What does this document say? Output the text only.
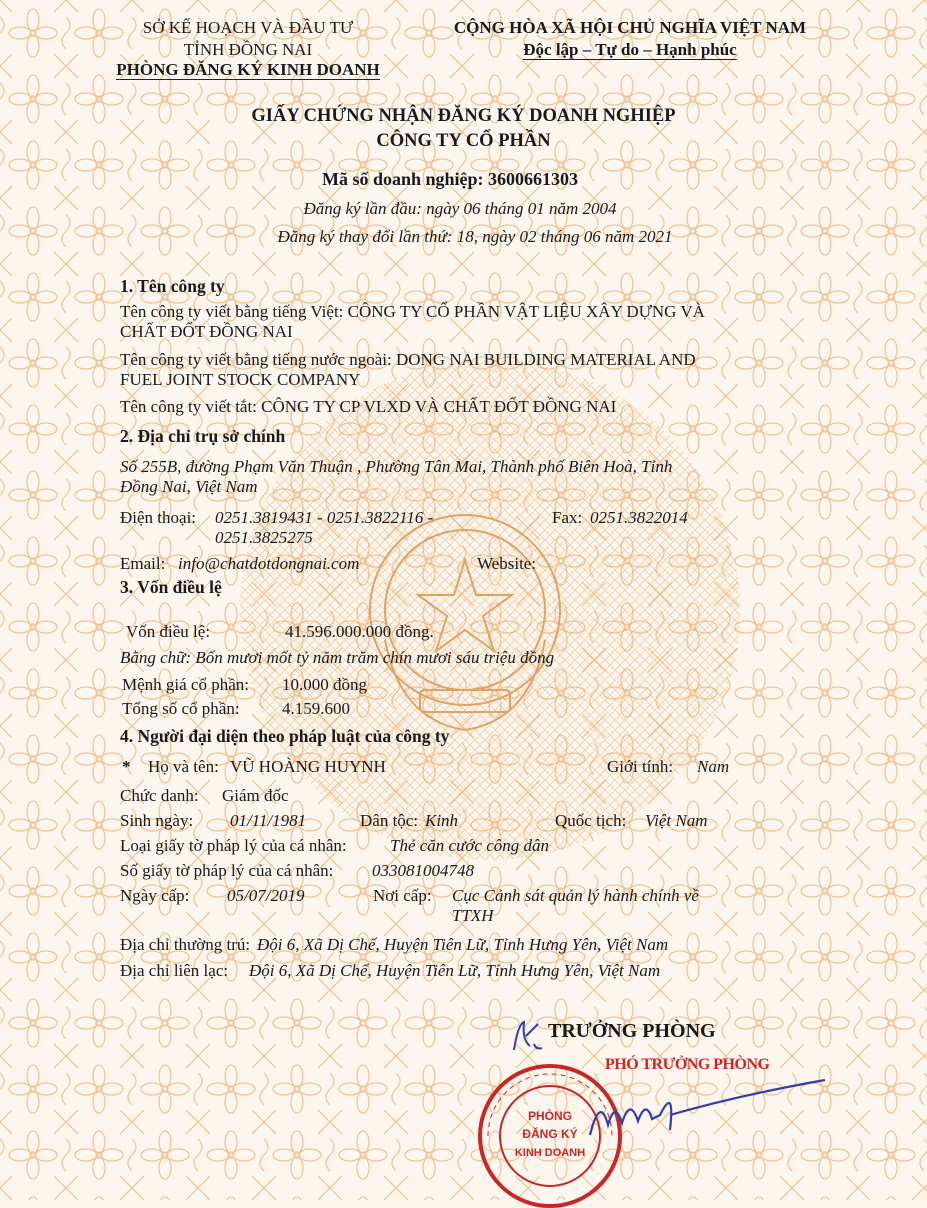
SỞ KẾ HOẠCH VÀ ĐẦU TƯ
TỈNH ĐỒNG NAI
PHÒNG ĐĂNG KÝ KINH DOANH
CỘNG HÒA XÃ HỘI CHỦ NGHĨA VIỆT NAM
Độc lập – Tự do – Hạnh phúc
GIẤY CHỨNG NHẬN ĐĂNG KÝ DOANH NGHIỆP
CÔNG TY CỔ PHẦN
Mã số doanh nghiệp: 3600661303
Đăng ký lần đầu: ngày 06 tháng 01 năm 2004
Đăng ký thay đổi lần thứ: 18, ngày 02 tháng 06 năm 2021
1. Tên công ty
Tên công ty viết bằng tiếng Việt: CÔNG TY CỔ PHẦN VẬT LIỆU XÂY DỰNG VÀ
CHẤT ĐỐT ĐỒNG NAI
Tên công ty viết bằng tiếng nước ngoài: DONG NAI BUILDING MATERIAL AND
FUEL JOINT STOCK COMPANY
Tên công ty viết tắt: CÔNG TY CP VLXD VÀ CHẤT ĐỐT ĐỒNG NAI
2. Địa chỉ trụ sở chính
Số 255B, đường Phạm Văn Thuận , Phường Tân Mai, Thành phố Biên Hoà, Tỉnh
Đồng Nai, Việt Nam
Điện thoại: 0251.3819431 - 0251.3822116 -
0251.3825275
Fax: 0251.3822014
Email: info@chatdotdongnai.com	Website:
3. Vốn điều lệ
Vốn điều lệ:	41.596.000.000 đồng.
Bằng chữ: Bốn mươi mốt tỷ năm trăm chín mươi sáu triệu đồng
Mệnh giá cổ phần: 10.000 đồng
Tổng số cổ phần: 4.159.600
4. Người đại diện theo pháp luật của công ty
* Họ và tên: VŨ HOÀNG HUYNH	Giới tính: Nam
Chức danh: Giám đốc
Sinh ngày: 01/11/1981	Dân tộc: Kinh	Quốc tịch: Việt Nam
Loại giấy tờ pháp lý của cá nhân:	Thẻ căn cước công dân
Số giấy tờ pháp lý của cá nhân: 033081004748
Ngày cấp: 05/07/2019	Nơi cấp: Cục Cảnh sát quản lý hành chính về
TTXH
Địa chỉ thường trú: Đội 6, Xã Dị Chế, Huyện Tiên Lữ, Tỉnh Hưng Yên, Việt Nam
Địa chỉ liên lạc: Đội 6, Xã Dị Chế, Huyện Tiên Lữ, Tỉnh Hưng Yên, Việt Nam
TRƯỞNG PHÒNG
PHÓ TRƯỞNG PHÒNG
PHÒNG
ĐĂNG KÝ
KINH DOANH
